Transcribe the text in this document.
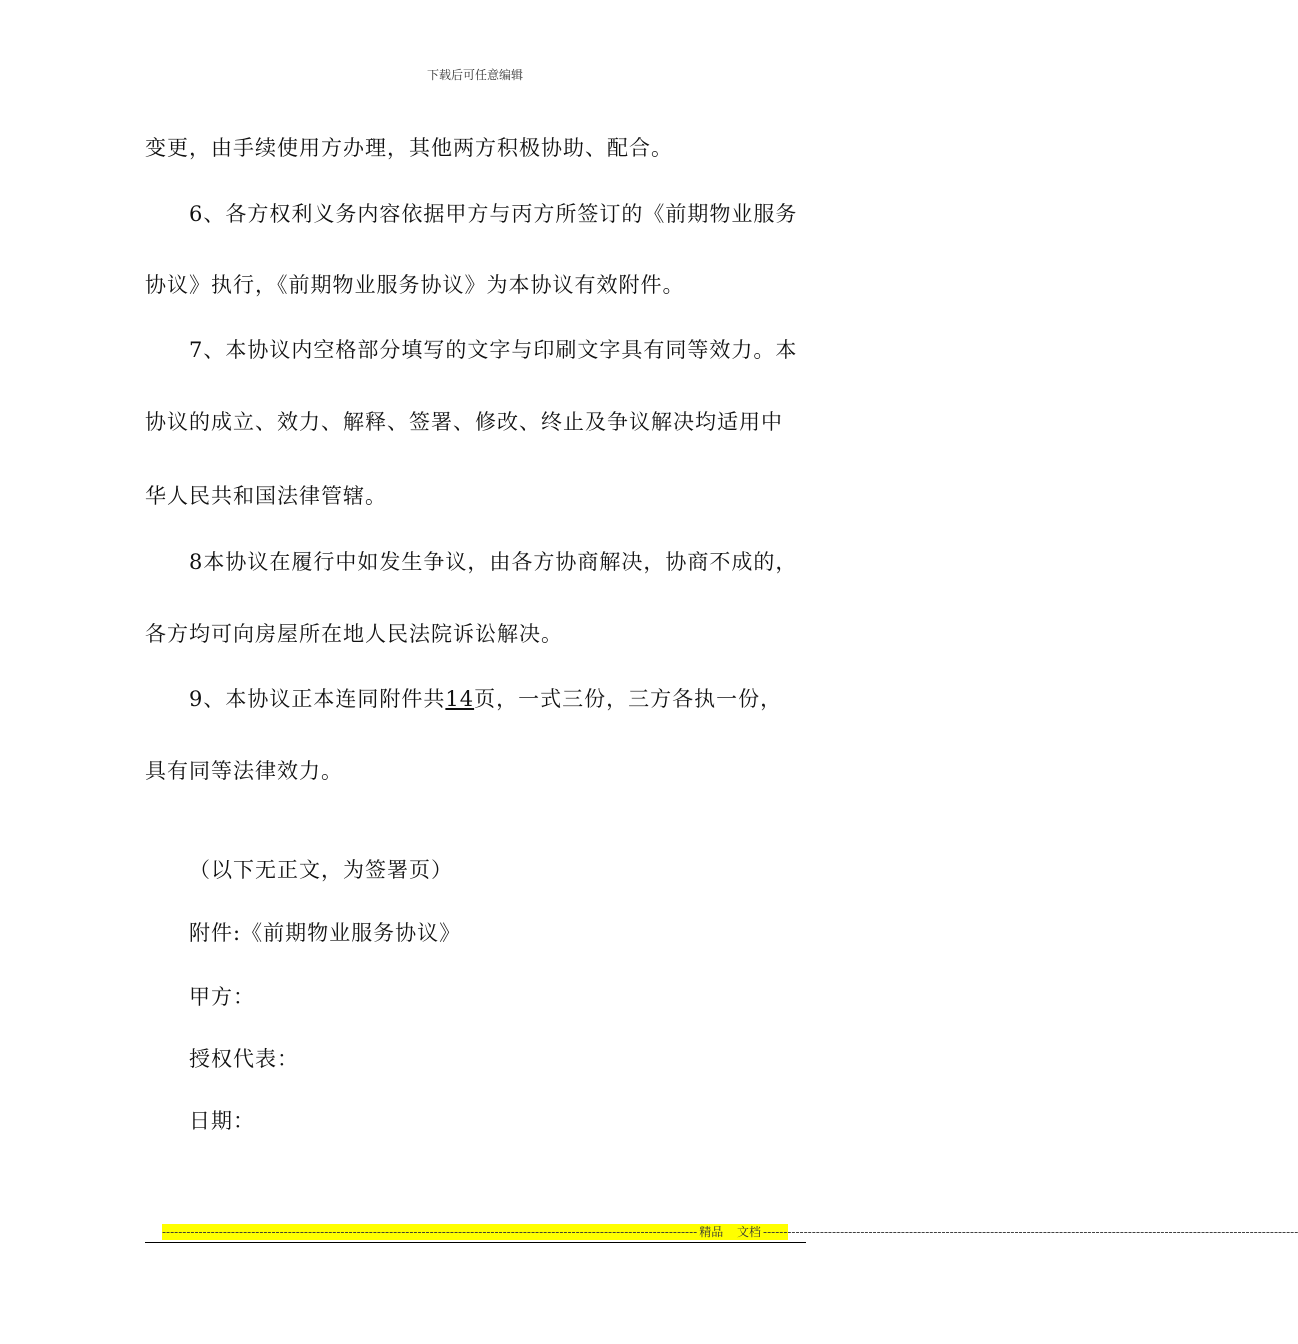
下载后可任意编辑
变更，由手续使用方办理，其他两方积极协助、配合。
6、各方权利义务内容依据甲方与丙方所签订的《前期物业服务
协议》执行，《前期物业服务协议》为本协议有效附件。
7、本协议内空格部分填写的文字与印刷文字具有同等效力。本
协议的成立、效力、解释、签署、修改、终止及争议解决均适用中
华人民共和国法律管辖。
8本协议在履行中如发生争议，由各方协商解决，协商不成的，
各方均可向房屋所在地人民法院诉讼解决。
9、本协议正本连同附件共14页，一式三份，三方各执一份，
具有同等法律效力。
（以下无正文，为签署页）
附件:《前期物业服务协议》
甲方：
授权代表：
日期：
------------------------------------------------------------------------------------------------------------------------------------ 精品 文档 ------------------------------------------------------------------------------------------------------------------------------------
